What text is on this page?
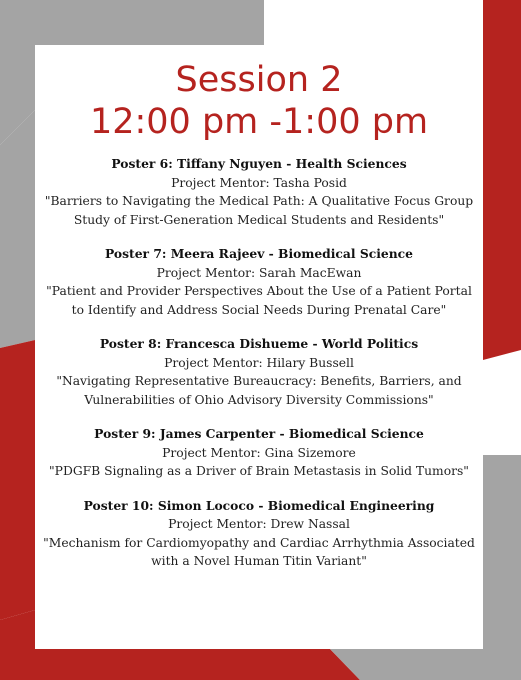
Session 2
12:00 pm -1:00 pm
Poster 6: Tiffany Nguyen - Health Sciences
Project Mentor: Tasha Posid
"Barriers to Navigating the Medical Path: A Qualitative Focus Group
Study of First-Generation Medical Students and Residents"
Poster 7: Meera Rajeev - Biomedical Science
Project Mentor: Sarah MacEwan
"Patient and Provider Perspectives About the Use of a Patient Portal
to Identify and Address Social Needs During Prenatal Care"
Poster 8: Francesca Dishueme - World Politics
Project Mentor: Hilary Bussell
"Navigating Representative Bureaucracy: Benefits, Barriers, and
Vulnerabilities of Ohio Advisory Diversity Commissions"
Poster 9: James Carpenter - Biomedical Science
Project Mentor: Gina Sizemore
"PDGFB Signaling as a Driver of Brain Metastasis in Solid Tumors"
Poster 10: Simon Lococo - Biomedical Engineering
Project Mentor: Drew Nassal
"Mechanism for Cardiomyopathy and Cardiac Arrhythmia Associated
with a Novel Human Titin Variant"
